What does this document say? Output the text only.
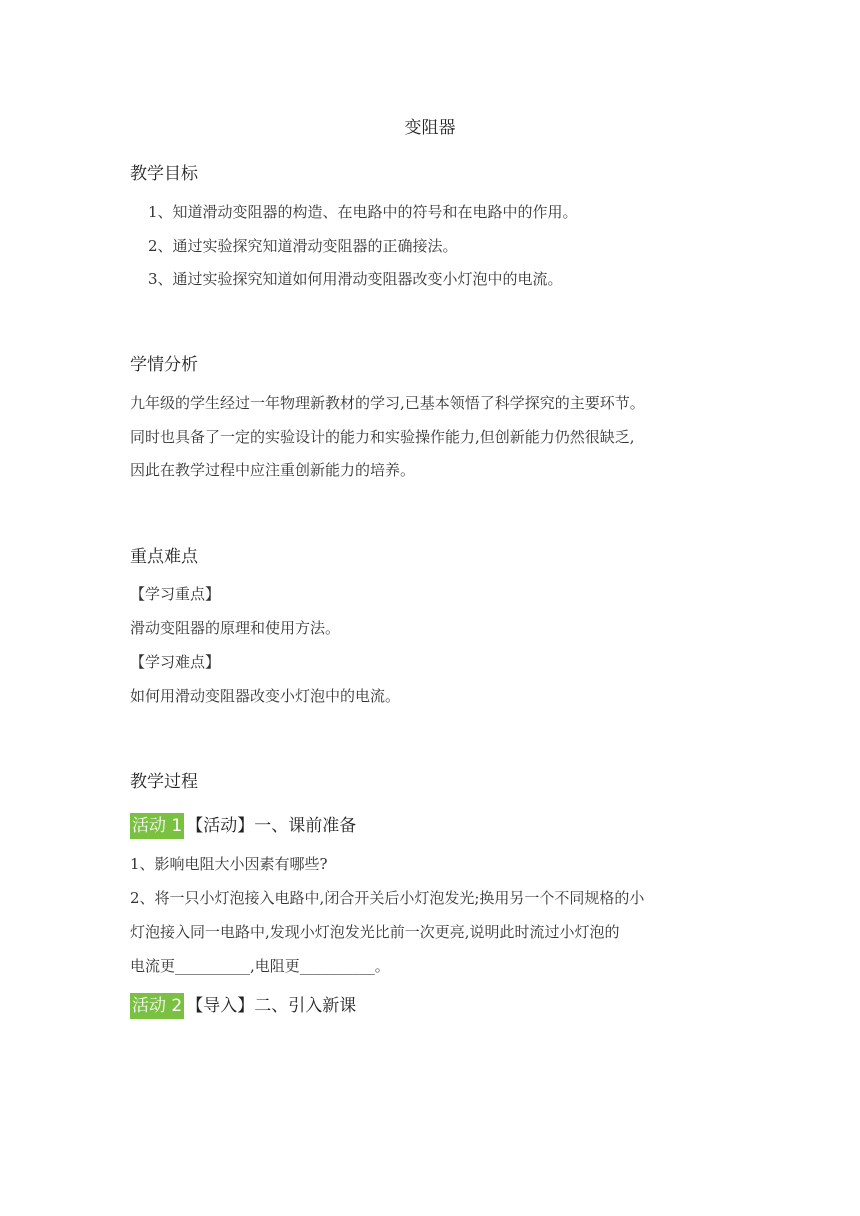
变阻器
教学目标
1、知道滑动变阻器的构造、在电路中的符号和在电路中的作用。
2、通过实验探究知道滑动变阻器的正确接法。
3、通过实验探究知道如何用滑动变阻器改变小灯泡中的电流。
学情分析
九年级的学生经过一年物理新教材的学习,已基本领悟了科学探究的主要环节。
同时也具备了一定的实验设计的能力和实验操作能力,但创新能力仍然很缺乏,
因此在教学过程中应注重创新能力的培养。
重点难点
【学习重点】
滑动变阻器的原理和使用方法。
【学习难点】
如何用滑动变阻器改变小灯泡中的电流。
教学过程
活动 1 【活动】一、课前准备
1、影响电阻大小因素有哪些?
2、将一只小灯泡接入电路中,闭合开关后小灯泡发光;换用另一个不同规格的小
灯泡接入同一电路中,发现小灯泡发光比前一次更亮,说明此时流过小灯泡的
电流更__________,电阻更__________。
活动 2 【导入】二、引入新课
